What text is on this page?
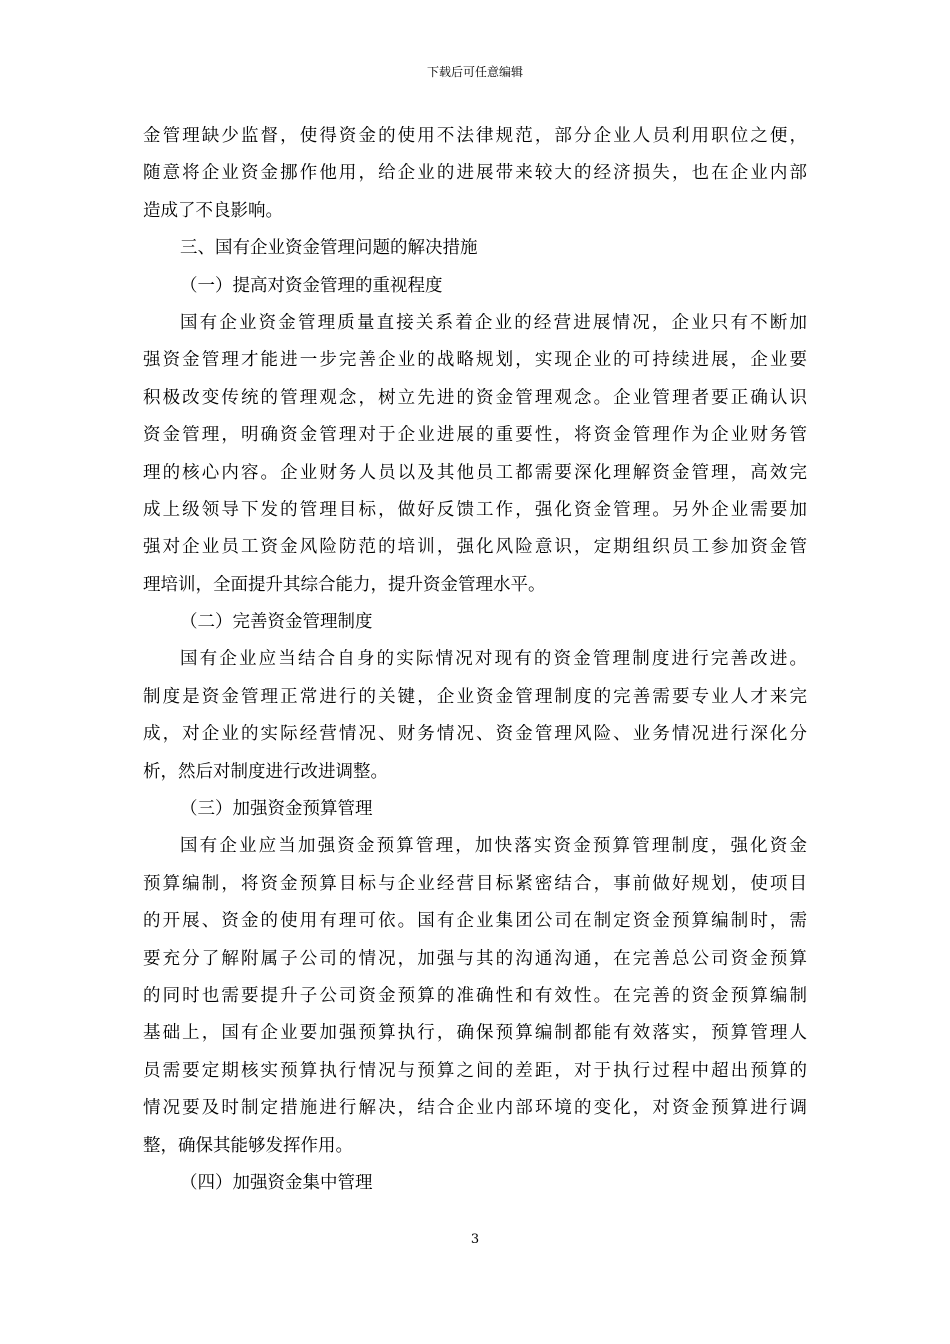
下载后可任意编辑
金管理缺少监督，使得资金的使用不法律规范，部分企业人员利用职位之便，
随意将企业资金挪作他用，给企业的进展带来较大的经济损失，也在企业内部
造成了不良影响。
三、国有企业资金管理问题的解决措施
（一）提高对资金管理的重视程度
国有企业资金管理质量直接关系着企业的经营进展情况，企业只有不断加
强资金管理才能进一步完善企业的战略规划，实现企业的可持续进展，企业要
积极改变传统的管理观念，树立先进的资金管理观念。企业管理者要正确认识
资金管理，明确资金管理对于企业进展的重要性，将资金管理作为企业财务管
理的核心内容。企业财务人员以及其他员工都需要深化理解资金管理，高效完
成上级领导下发的管理目标，做好反馈工作，强化资金管理。另外企业需要加
强对企业员工资金风险防范的培训，强化风险意识，定期组织员工参加资金管
理培训，全面提升其综合能力，提升资金管理水平。
（二）完善资金管理制度
国有企业应当结合自身的实际情况对现有的资金管理制度进行完善改进。
制度是资金管理正常进行的关键，企业资金管理制度的完善需要专业人才来完
成，对企业的实际经营情况、财务情况、资金管理风险、业务情况进行深化分
析，然后对制度进行改进调整。
（三）加强资金预算管理
国有企业应当加强资金预算管理，加快落实资金预算管理制度，强化资金
预算编制，将资金预算目标与企业经营目标紧密结合，事前做好规划，使项目
的开展、资金的使用有理可依。国有企业集团公司在制定资金预算编制时，需
要充分了解附属子公司的情况，加强与其的沟通沟通，在完善总公司资金预算
的同时也需要提升子公司资金预算的准确性和有效性。在完善的资金预算编制
基础上，国有企业要加强预算执行，确保预算编制都能有效落实，预算管理人
员需要定期核实预算执行情况与预算之间的差距，对于执行过程中超出预算的
情况要及时制定措施进行解决，结合企业内部环境的变化，对资金预算进行调
整，确保其能够发挥作用。
（四）加强资金集中管理
3
